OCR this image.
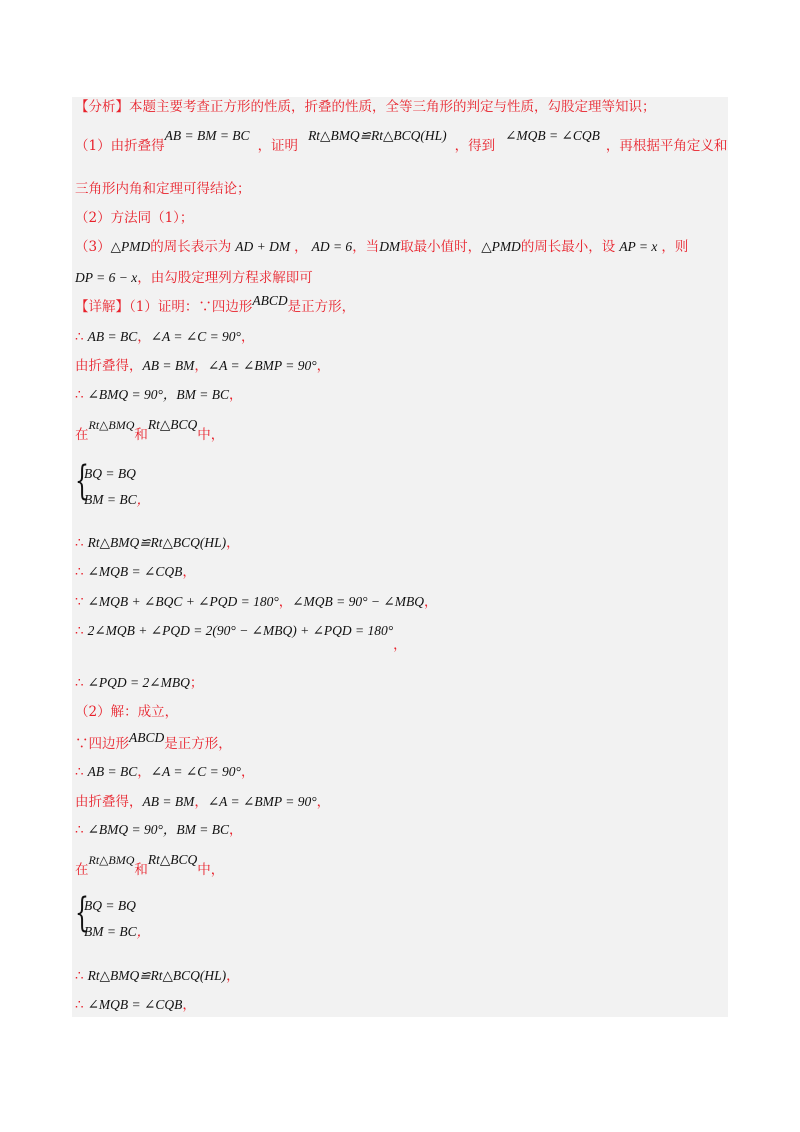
【分析】本题主要考查正方形的性质，折叠的性质，全等三角形的判定与性质，勾股定理等知识；
（1）由折叠得AB = BM = BC，证明Rt△BMQ≌Rt△BCQ(HL)，得到∠MQB = ∠CQB，再根据平角定义和
三角形内角和定理可得结论；
（2）方法同（1）；
（3）△PMD的周长表示为 AD + DM ， AD = 6，当DM取最小值时，△PMD的周长最小，设 AP = x ，则
DP = 6 − x，由勾股定理列方程求解即可
【详解】（1）证明：∵四边形ABCD是正方形，
∴ AB = BC，∠A = ∠C = 90°，
由折叠得，AB = BM，∠A = ∠BMP = 90°，
∴ ∠BMQ = 90°，BM = BC，
在Rt△BMQ和Rt△BCQ中，
{
BQ = BQ
BM = BC，
∴ Rt△BMQ≌Rt△BCQ(HL)，
∴ ∠MQB = ∠CQB，
∵ ∠MQB + ∠BQC + ∠PQD = 180°，∠MQB = 90° − ∠MBQ，
∴ 2∠MQB + ∠PQD = 2(90° − ∠MBQ) + ∠PQD = 180°，
∴ ∠PQD = 2∠MBQ；
（2）解：成立，
∵四边形ABCD是正方形，
∴ AB = BC，∠A = ∠C = 90°，
由折叠得，AB = BM，∠A = ∠BMP = 90°，
∴ ∠BMQ = 90°，BM = BC，
在Rt△BMQ和Rt△BCQ中，
{
BQ = BQ
BM = BC，
∴ Rt△BMQ≌Rt△BCQ(HL)，
∴ ∠MQB = ∠CQB，
